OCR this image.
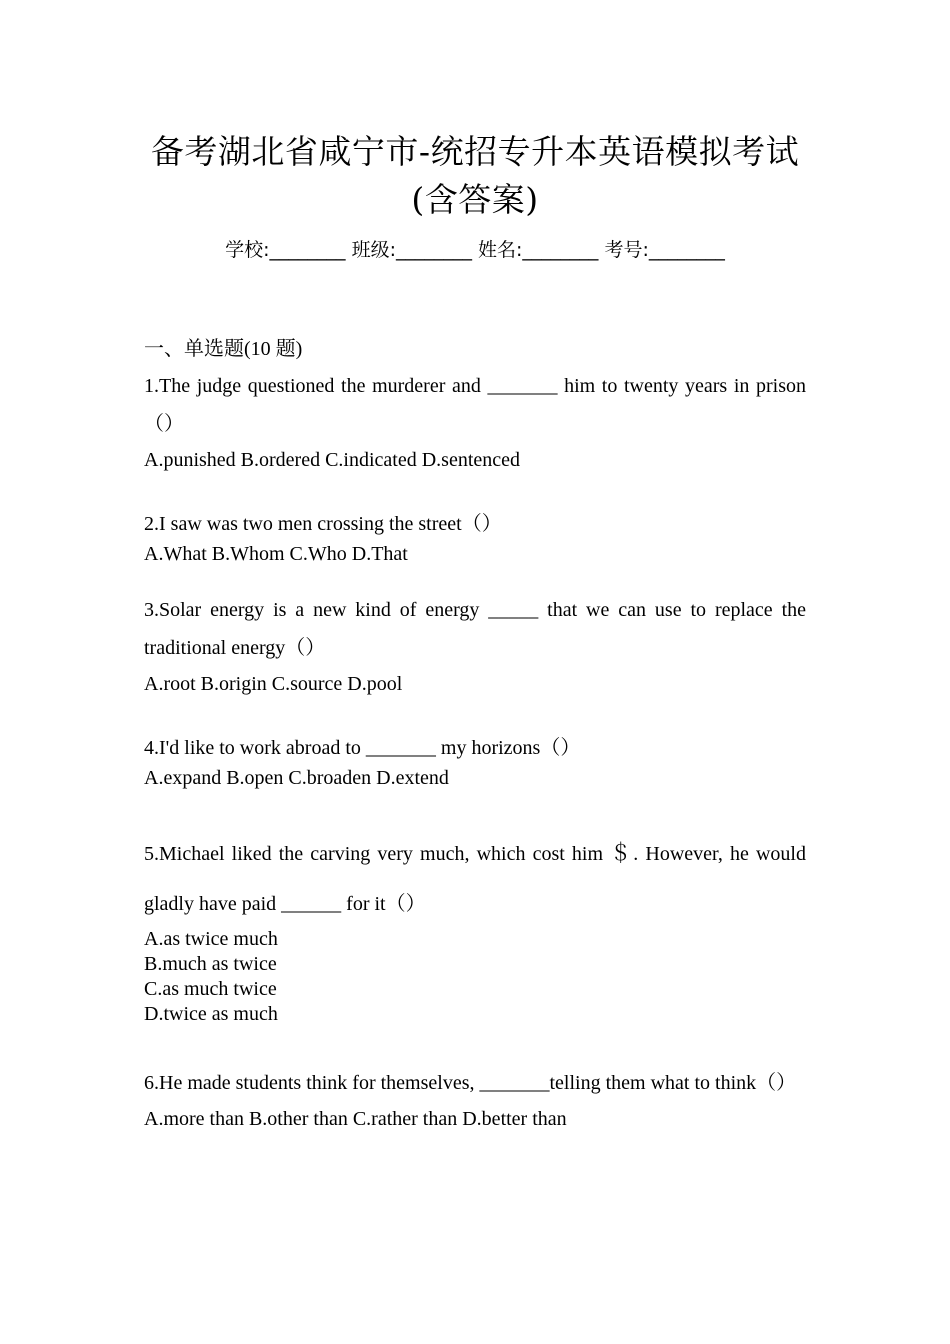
备考湖北省咸宁市-统招专升本英语模拟考试(含答案)
学校:________ 班级:________ 姓名:________ 考号:________
一、单选题(10 题)
1.The judge questioned the murderer and _______ him to twenty years in prison（）
A.punished B.ordered C.indicated D.sentenced
2.I saw was two men crossing the street（）
A.What B.Whom C.Who D.That
3.Solar energy is a new kind of energy _____ that we can use to replace the traditional energy（）
A.root B.origin C.source D.pool
4.I'd like to work abroad to _______ my horizons（）
A.expand B.open C.broaden D.extend
5.Michael liked the carving very much, which cost him ＄. However, he would gladly have paid ______ for it（）
A.as twice much
B.much as twice
C.as much twice
D.twice as much
6.He made students think for themselves, _______telling them what to think（）
A.more than B.other than C.rather than D.better than
